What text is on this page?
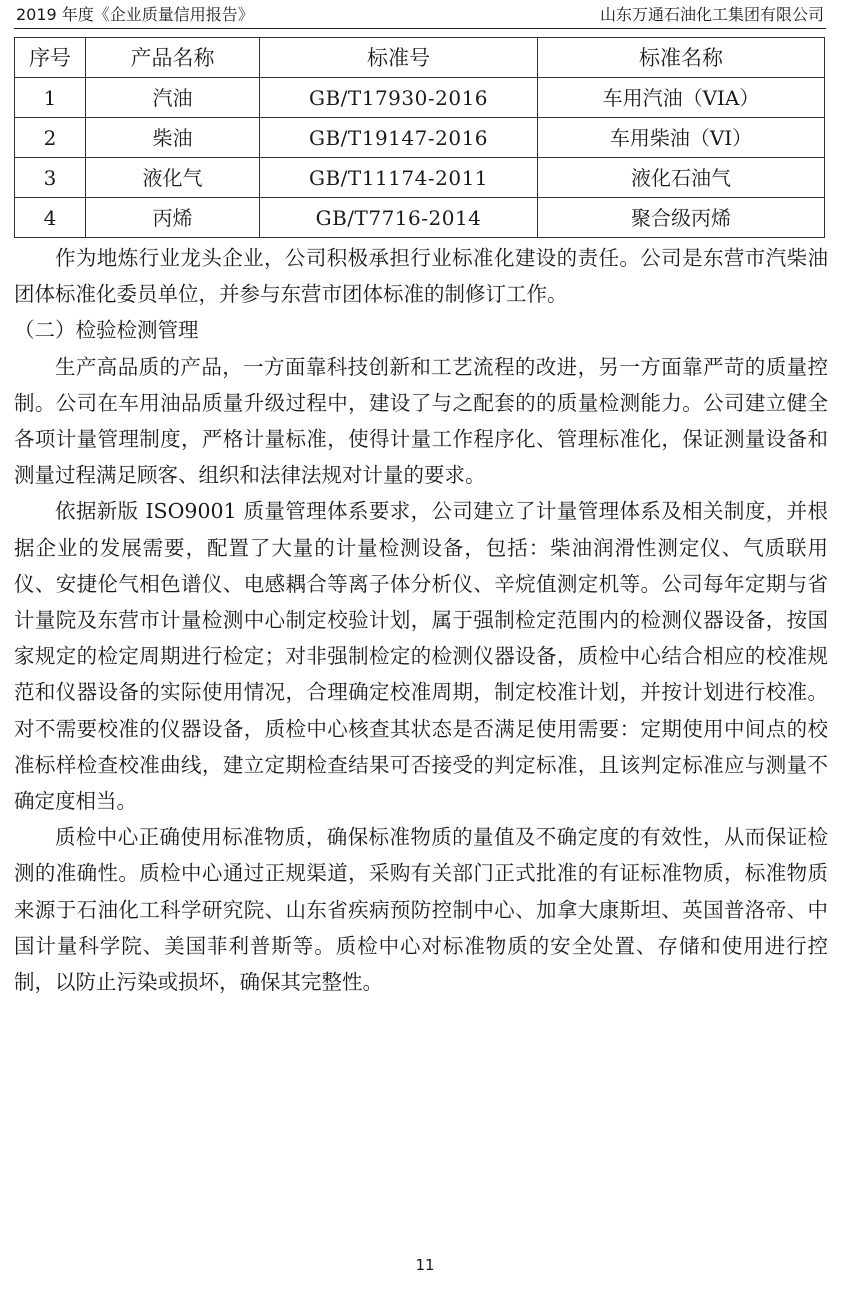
2019 年度《企业质量信用报告》	山东万通石油化工集团有限公司
序号	产品名称	标准号	标准名称
1	汽油	GB/T17930-2016	车用汽油（VIA）
2	柴油	GB/T19147-2016	车用柴油（VI）
3	液化气	GB/T11174-2011	液化石油气
4	丙烯	GB/T7716-2014	聚合级丙烯

作为地炼行业龙头企业，公司积极承担行业标准化建设的责任。公司是东营市汽柴油团体标准化委员单位，并参与东营市团体标准的制修订工作。

（二）检验检测管理

生产高品质的产品，一方面靠科技创新和工艺流程的改进，另一方面靠严苛的质量控制。公司在车用油品质量升级过程中，建设了与之配套的的质量检测能力。公司建立健全各项计量管理制度，严格计量标准，使得计量工作程序化、管理标准化，保证测量设备和测量过程满足顾客、组织和法律法规对计量的要求。

依据新版 ISO9001 质量管理体系要求，公司建立了计量管理体系及相关制度，并根据企业的发展需要，配置了大量的计量检测设备，包括：柴油润滑性测定仪、气质联用仪、安捷伦气相色谱仪、电感耦合等离子体分析仪、辛烷值测定机等。公司每年定期与省计量院及东营市计量检测中心制定校验计划，属于强制检定范围内的检测仪器设备，按国家规定的检定周期进行检定；对非强制检定的检测仪器设备，质检中心结合相应的校准规范和仪器设备的实际使用情况，合理确定校准周期，制定校准计划，并按计划进行校准。对不需要校准的仪器设备，质检中心核查其状态是否满足使用需要：定期使用中间点的校准标样检查校准曲线，建立定期检查结果可否接受的判定标准，且该判定标准应与测量不确定度相当。

质检中心正确使用标准物质，确保标准物质的量值及不确定度的有效性，从而保证检测的准确性。质检中心通过正规渠道，采购有关部门正式批准的有证标准物质，标准物质来源于石油化工科学研究院、山东省疾病预防控制中心、加拿大康斯坦、英国普洛帝、中国计量科学院、美国菲利普斯等。质检中心对标准物质的安全处置、存储和使用进行控制，以防止污染或损坏，确保其完整性。

11
